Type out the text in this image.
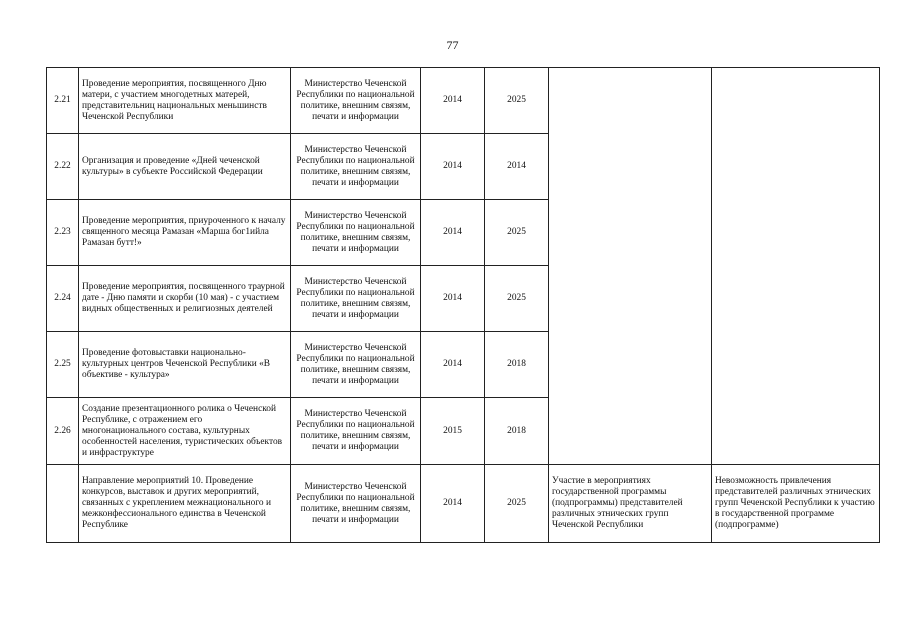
77
2.21	Проведение мероприятия, посвященного Дню матери, с участием многодетных матерей, представительниц национальных меньшинств Чеченской Республики	Министерство Чеченской Республики по национальной политике, внешним связям, печати и информации	2014	2025		
2.22	Организация и проведение «Дней чеченской культуры» в субъекте Российской Федерации	Министерство Чеченской Республики по национальной политике, внешним связям, печати и информации	2014	2014		
2.23	Проведение мероприятия, приуроченного к началу священного месяца Рамазан «Марша бог1ийла Рамазан бутт!»	Министерство Чеченской Республики по национальной политике, внешним связям, печати и информации	2014	2025		
2.24	Проведение мероприятия, посвященного траурной дате - Дню памяти и скорби (10 мая) - с участием видных общественных и религиозных деятелей	Министерство Чеченской Республики по национальной политике, внешним связям, печати и информации	2014	2025		
2.25	Проведение фотовыставки национально-культурных центров Чеченской Республики «В объективе - культура»	Министерство Чеченской Республики по национальной политике, внешним связям, печати и информации	2014	2018		
2.26	Создание презентационного ролика о Чеченской Республике, с отражением его многонационального состава, культурных особенностей населения, туристических объектов и инфраструктуре	Министерство Чеченской Республики по национальной политике, внешним связям, печати и информации	2015	2018		
	Направление мероприятий 10. Проведение конкурсов, выставок и других мероприятий, связанных с укреплением межнационального и межконфессионального единства в Чеченской Республике	Министерство Чеченской Республики по национальной политике, внешним связям, печати и информации	2014	2025	Участие в мероприятиях государственной программы (подпрограммы) представителей различных этнических групп Чеченской Республики	Невозможность привлечения представителей различных этнических групп Чеченской Республики к участию в государственной программе (подпрограмме)
